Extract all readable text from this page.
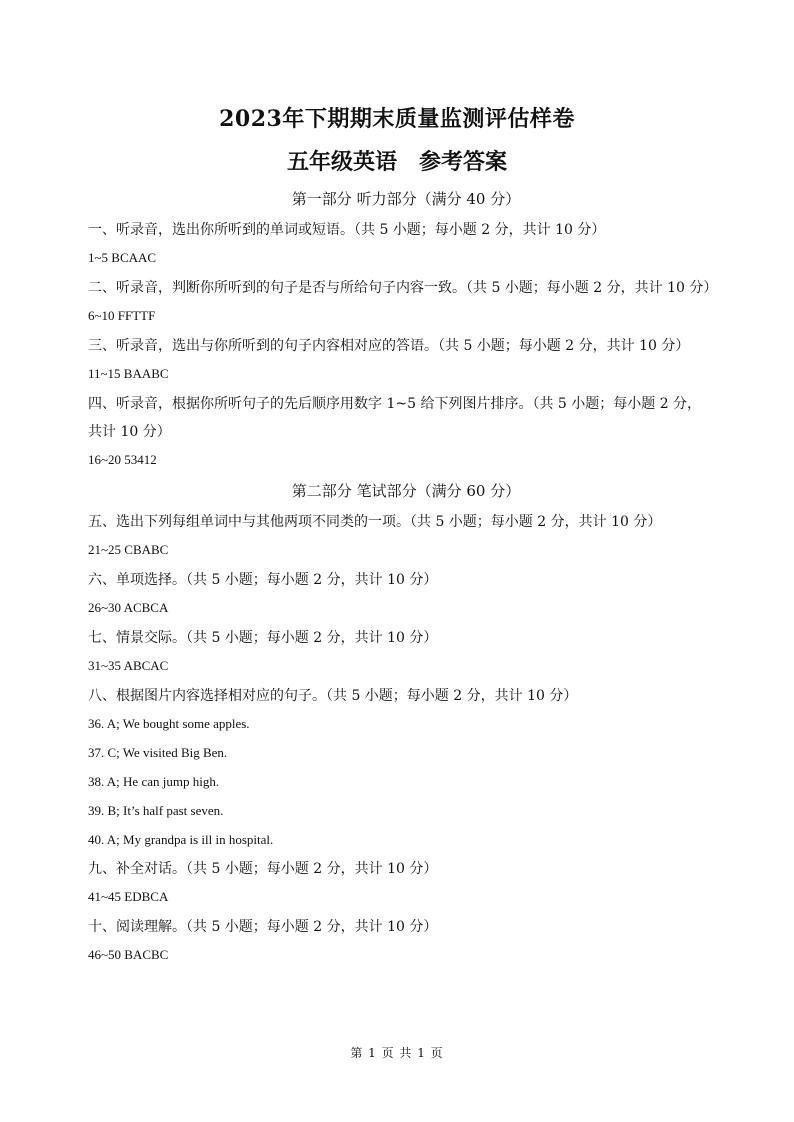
2023年下期期末质量监测评估样卷
五年级英语　参考答案

第一部分 听力部分（满分 40 分）

一、听录音，选出你所听到的单词或短语。（共 5 小题；每小题 2 分，共计 10 分）

1~5 BCAAC

二、听录音，判断你所听到的句子是否与所给句子内容一致。（共 5 小题；每小题 2 分，共计 10 分）

6~10 FFTTF

三、听录音，选出与你所听到的句子内容相对应的答语。（共 5 小题；每小题 2 分，共计 10 分）

11~15 BAABC

四、听录音，根据你所听句子的先后顺序用数字 1~5 给下列图片排序。（共 5 小题；每小题 2 分，

共计 10 分）

16~20 53412

第二部分 笔试部分（满分 60 分）

五、选出下列每组单词中与其他两项不同类的一项。（共 5 小题；每小题 2 分，共计 10 分）

21~25 CBABC

六、单项选择。（共 5 小题；每小题 2 分，共计 10 分）

26~30 ACBCA

七、情景交际。（共 5 小题；每小题 2 分，共计 10 分）

31~35 ABCAC

八、根据图片内容选择相对应的句子。（共 5 小题；每小题 2 分，共计 10 分）

36. A; We bought some apples.

37. C; We visited Big Ben.

38. A; He can jump high.

39. B; It’s half past seven.

40. A; My grandpa is ill in hospital.

九、补全对话。（共 5 小题；每小题 2 分，共计 10 分）

41~45 EDBCA

十、阅读理解。（共 5 小题；每小题 2 分，共计 10 分）

46~50 BACBC

第 1 页 共 1 页
